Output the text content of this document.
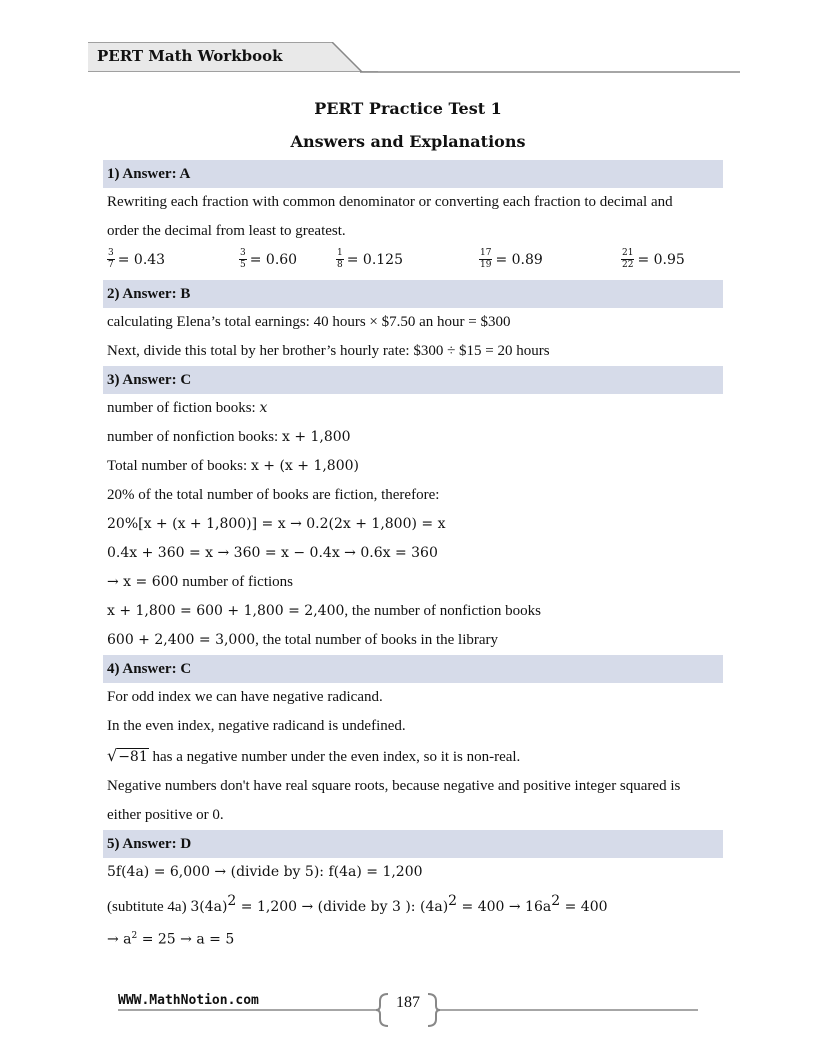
PERT Math Workbook
PERT Practice Test 1
Answers and Explanations
1) Answer: A
Rewriting each fraction with common denominator or converting each fraction to decimal and
order the decimal from least to greatest.
$\frac{3}{7} = 0.43$	$\frac{3}{5} = 0.60$	$\frac{1}{8} = 0.125$	$\frac{17}{19} = 0.89$	$\frac{21}{22} = 0.95$
2) Answer: B
calculating Elena’s total earnings: 40 hours × $7.50 an hour = $300
Next, divide this total by her brother’s hourly rate: $300 ÷ $15 = 20 hours
3) Answer: C
number of fiction books: x
number of nonfiction books: x + 1,800
Total number of books: x + (x + 1,800)
20% of the total number of books are fiction, therefore:
20%[x + (x + 1,800)] = x → 0.2(2x + 1,800) = x
0.4x + 360 = x → 360 = x − 0.4x → 0.6x = 360
→ x = 600 number of fictions
x + 1,800 = 600 + 1,800 = 2,400, the number of nonfiction books
600 + 2,400 = 3,000, the total number of books in the library
4) Answer: C
For odd index we can have negative radicand.
In the even index, negative radicand is undefined.
√−81 has a negative number under the even index, so it is non-real.
Negative numbers don't have real square roots, because negative and positive integer squared is
either positive or 0.
5) Answer: D
5f(4a) = 6,000 → (divide by 5): f(4a) = 1,200
(subtitute 4a) $3(4a)^2 = 1,200$ → (divide by 3 ): $(4a)^2 = 400 \to 16a^2 = 400$
→ $a^2 = 25 \to a = 5$
WWW.MathNotion.com	187
